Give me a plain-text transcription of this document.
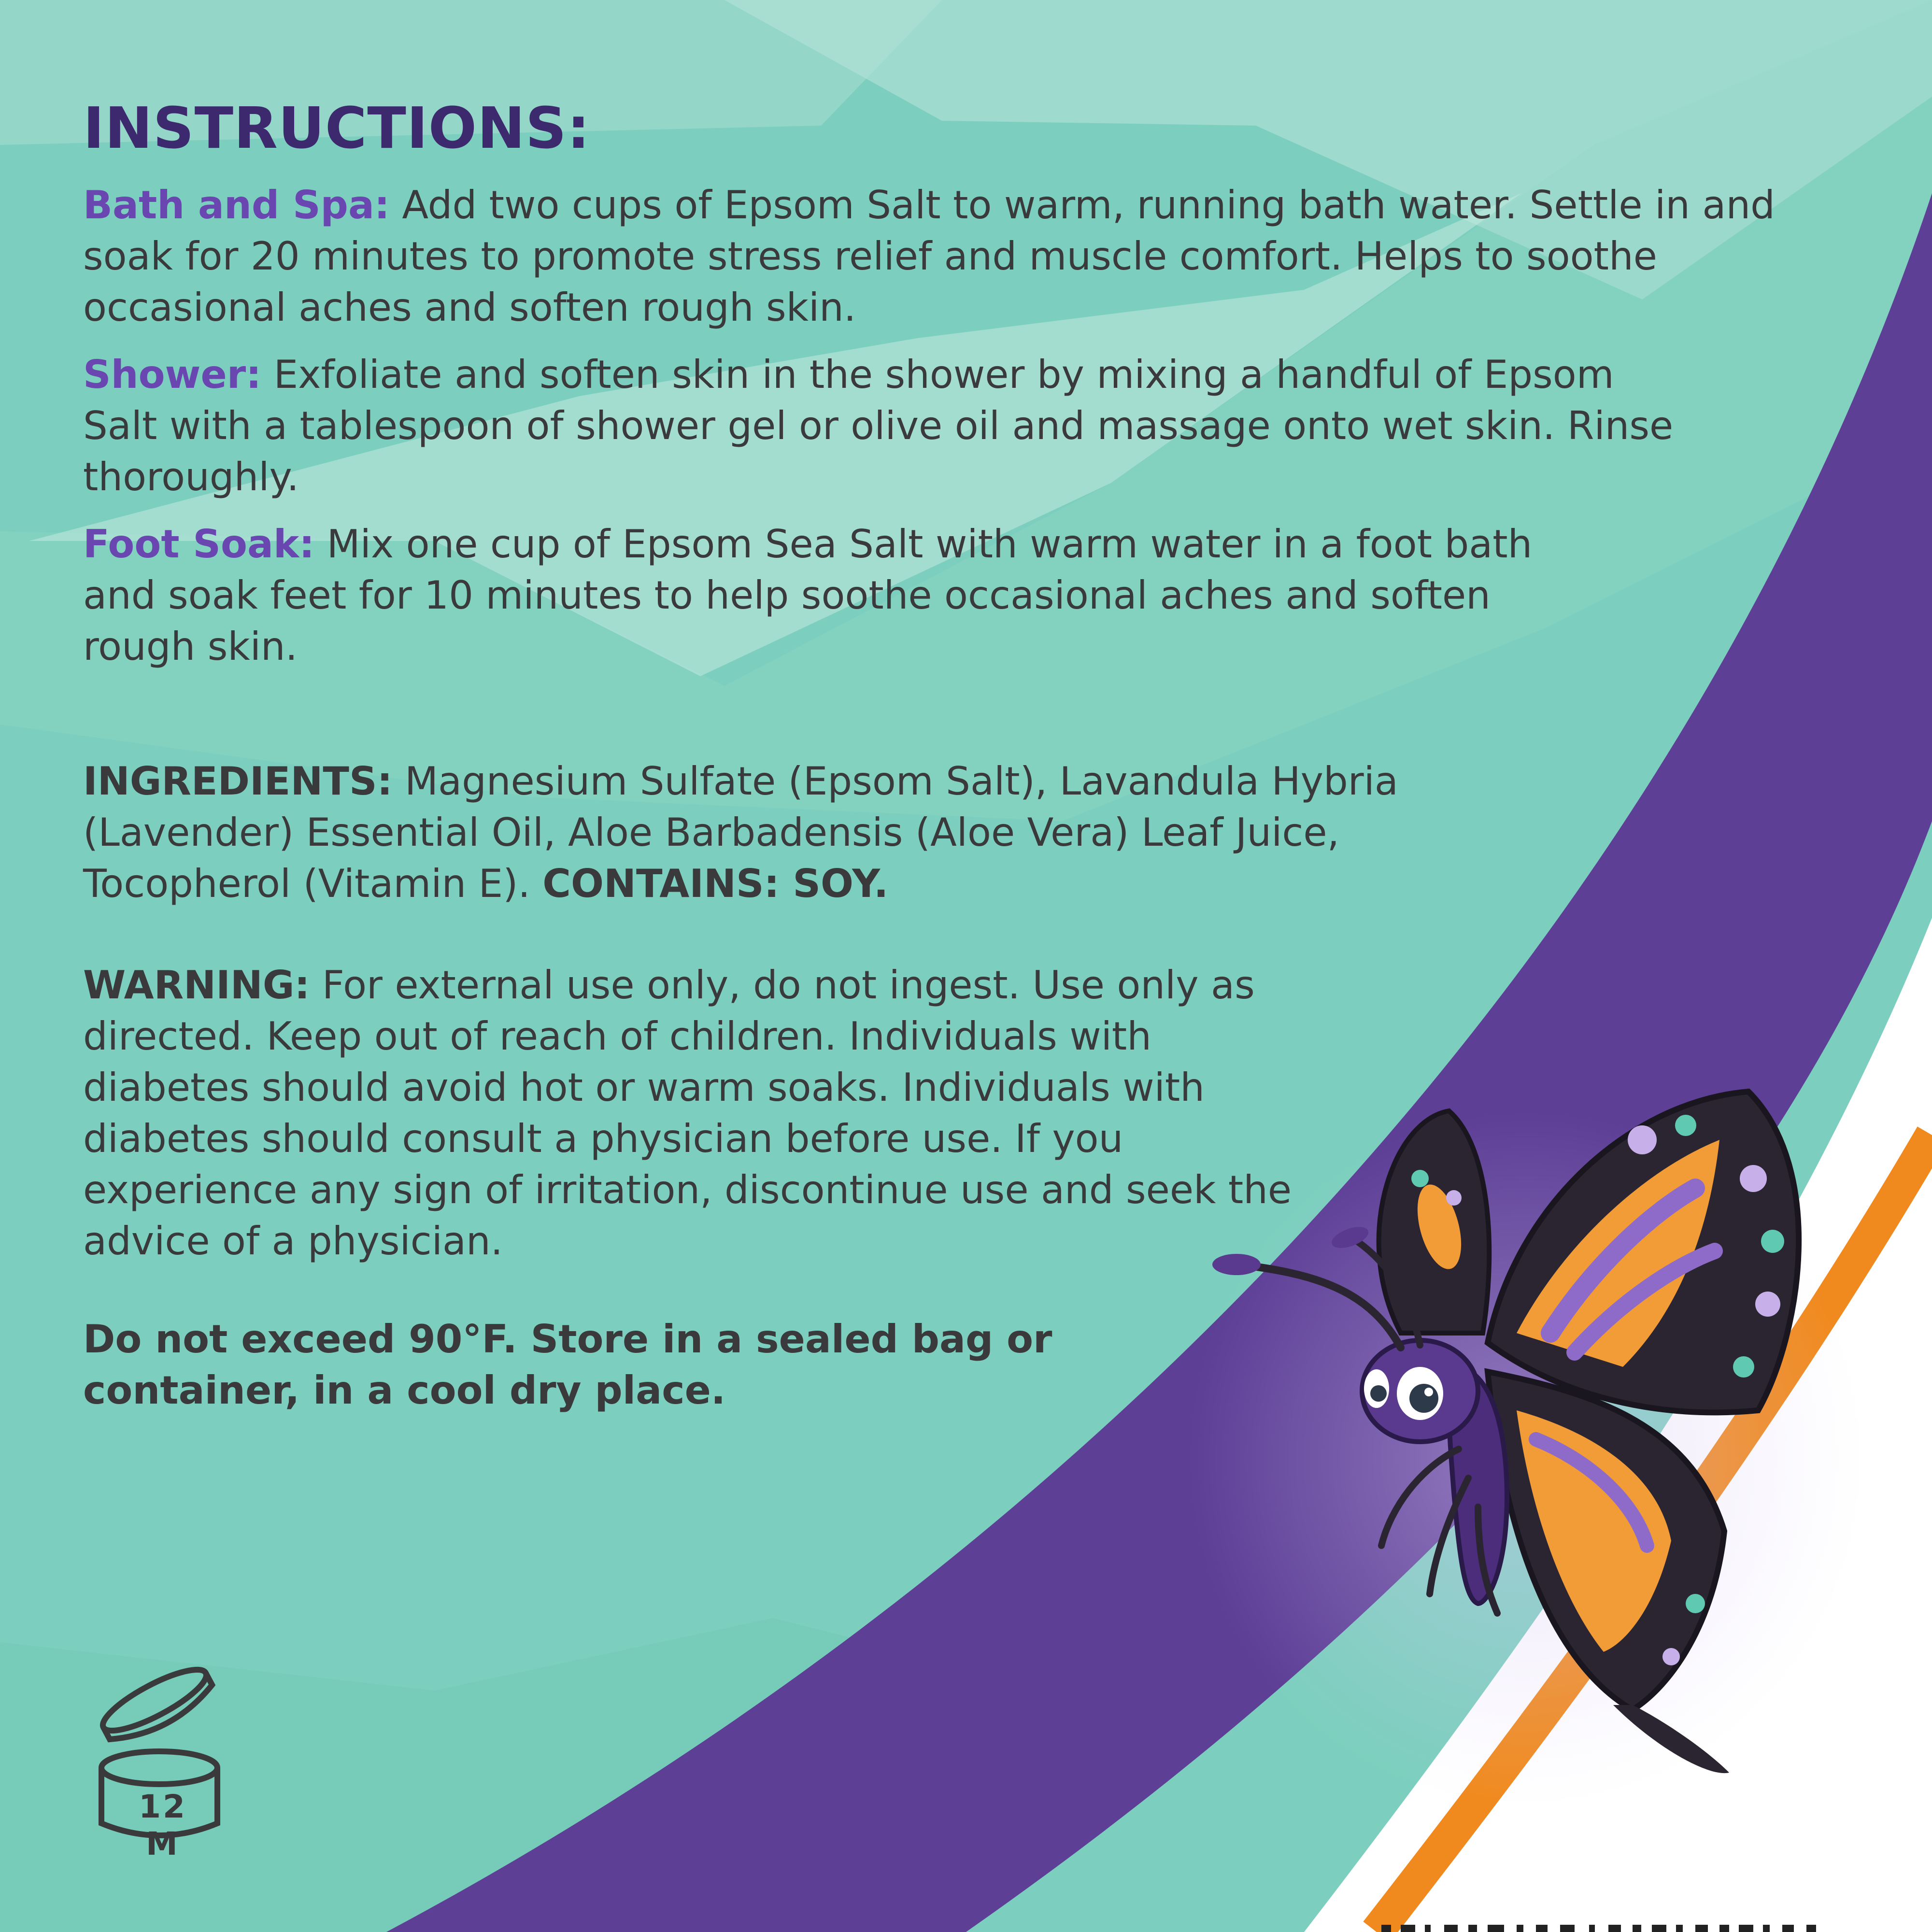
INSTRUCTIONS:

Bath and Spa: Add two cups of Epsom Salt to warm, running bath water. Settle in and soak for 20 minutes to promote stress relief and muscle comfort. Helps to soothe occasional aches and soften rough skin.

Shower: Exfoliate and soften skin in the shower by mixing a handful of Epsom Salt with a tablespoon of shower gel or olive oil and massage onto wet skin. Rinse thoroughly.

Foot Soak: Mix one cup of Epsom Sea Salt with warm water in a foot bath and soak feet for 10 minutes to help soothe occasional aches and soften rough skin.

INGREDIENTS: Magnesium Sulfate (Epsom Salt), Lavandula Hybria (Lavender) Essential Oil, Aloe Barbadensis (Aloe Vera) Leaf Juice, Tocopherol (Vitamin E). CONTAINS: SOY.

WARNING: For external use only, do not ingest. Use only as directed. Keep out of reach of children. Individuals with diabetes should avoid hot or warm soaks. Individuals with diabetes should consult a physician before use. If you experience any sign of irritation, discontinue use and seek the advice of a physician.

Do not exceed 90°F. Store in a sealed bag or container, in a cool dry place.

12 M
